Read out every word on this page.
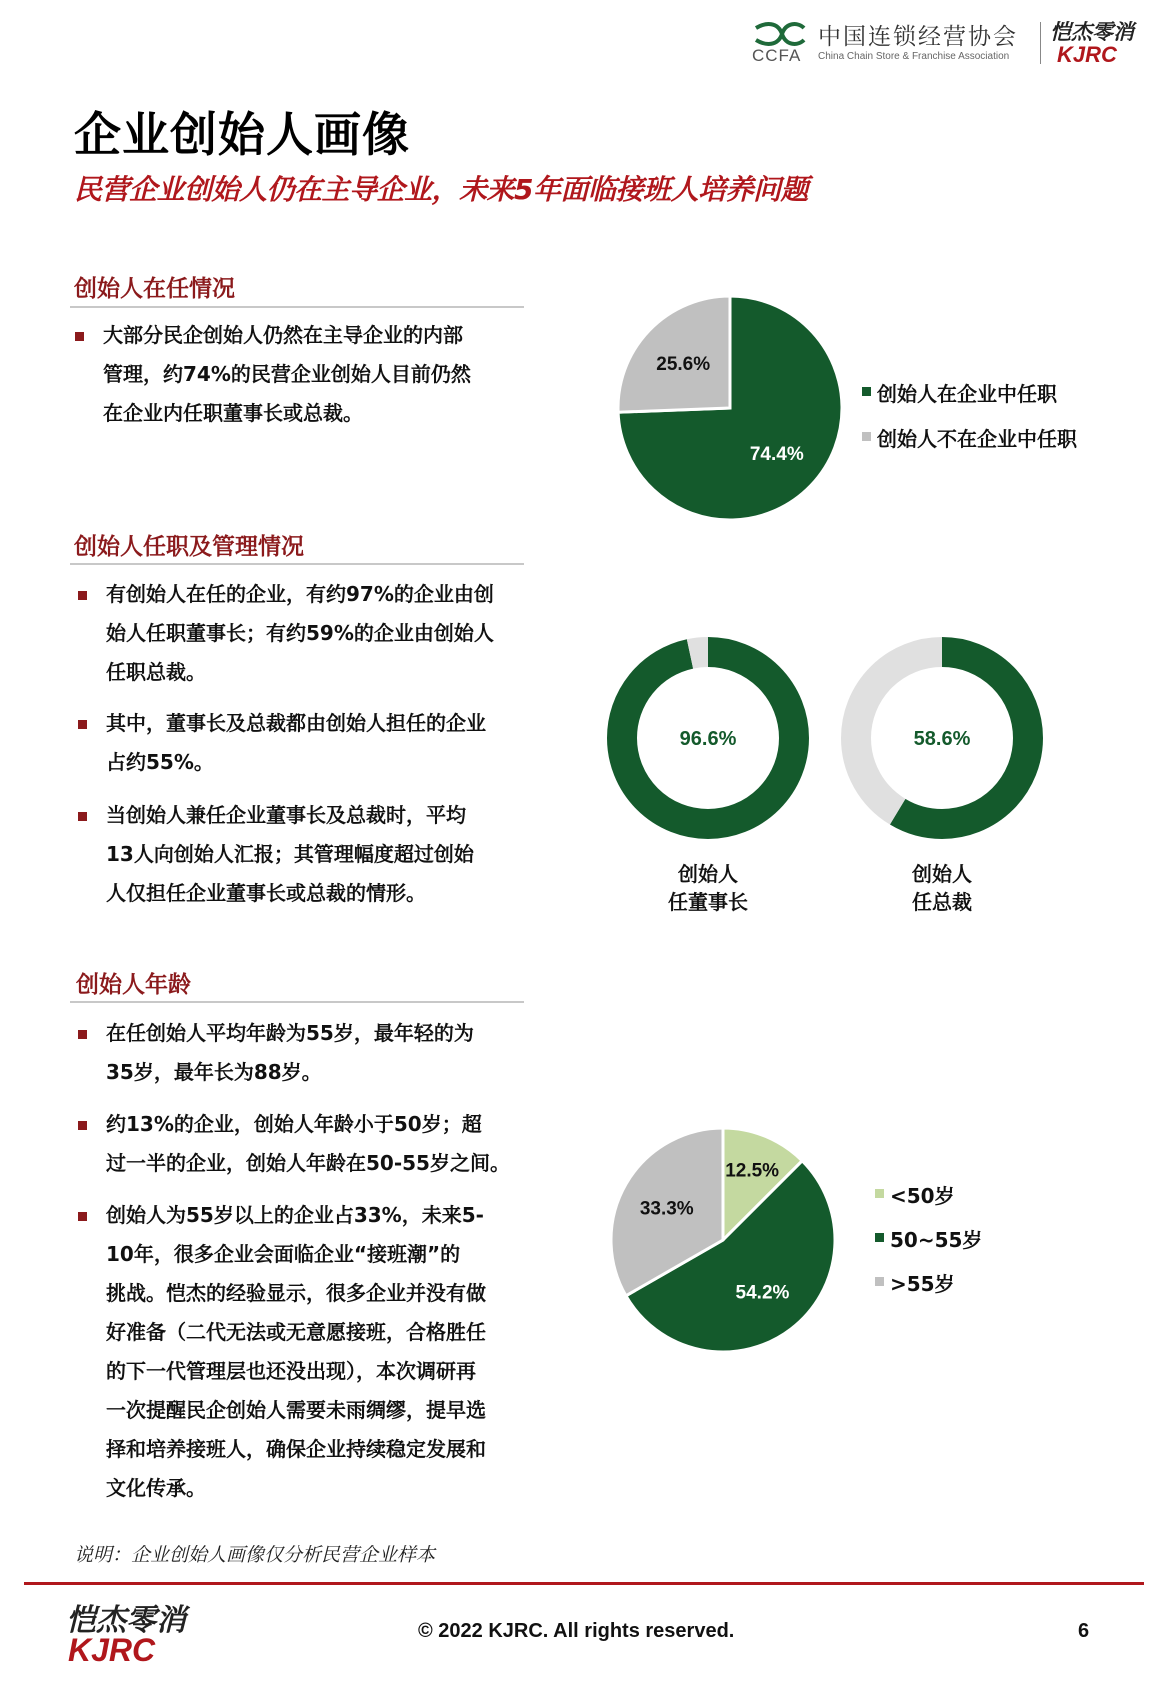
CCFA
中国连锁经营协会
China Chain Store & Franchise Association
恺杰零消
KJRC
企业创始人画像
民营企业创始人仍在主导企业，未来5年面临接班人培养问题
创始人在任情况
大部分民企创始人仍然在主导企业的内部
管理，约74%的民营企业创始人目前仍然
在企业内任职董事长或总裁。
创始人任职及管理情况
有创始人在任的企业，有约97%的企业由创
始人任职董事长；有约59%的企业由创始人
任职总裁。
其中，董事长及总裁都由创始人担任的企业
占约55%。
当创始人兼任企业董事长及总裁时，平均
13人向创始人汇报；其管理幅度超过创始
人仅担任企业董事长或总裁的情形。
创始人年龄
在任创始人平均年龄为55岁，最年轻的为
35岁，最年长为88岁。
约13%的企业，创始人年龄小于50岁；超
过一半的企业，创始人年龄在50-55岁之间。
创始人为55岁以上的企业占33%，未来5-
10年，很多企业会面临企业“接班潮”的
挑战。恺杰的经验显示，很多企业并没有做
好准备（二代无法或无意愿接班，合格胜任
的下一代管理层也还没出现），本次调研再
一次提醒民企创始人需要未雨绸缪，提早选
择和培养接班人，确保企业持续稳定发展和
文化传承。
74.4%
25.6%
创始人在企业中任职
创始人不在企业中任职
96.6%	58.6%
创始人
任董事长
创始人
任总裁
12.5%
54.2%
33.3%
<50岁
50~55岁
>55岁
说明：企业创始人画像仅分析民营企业样本
恺杰零消
KJRC
© 2022 KJRC. All rights reserved.	6
